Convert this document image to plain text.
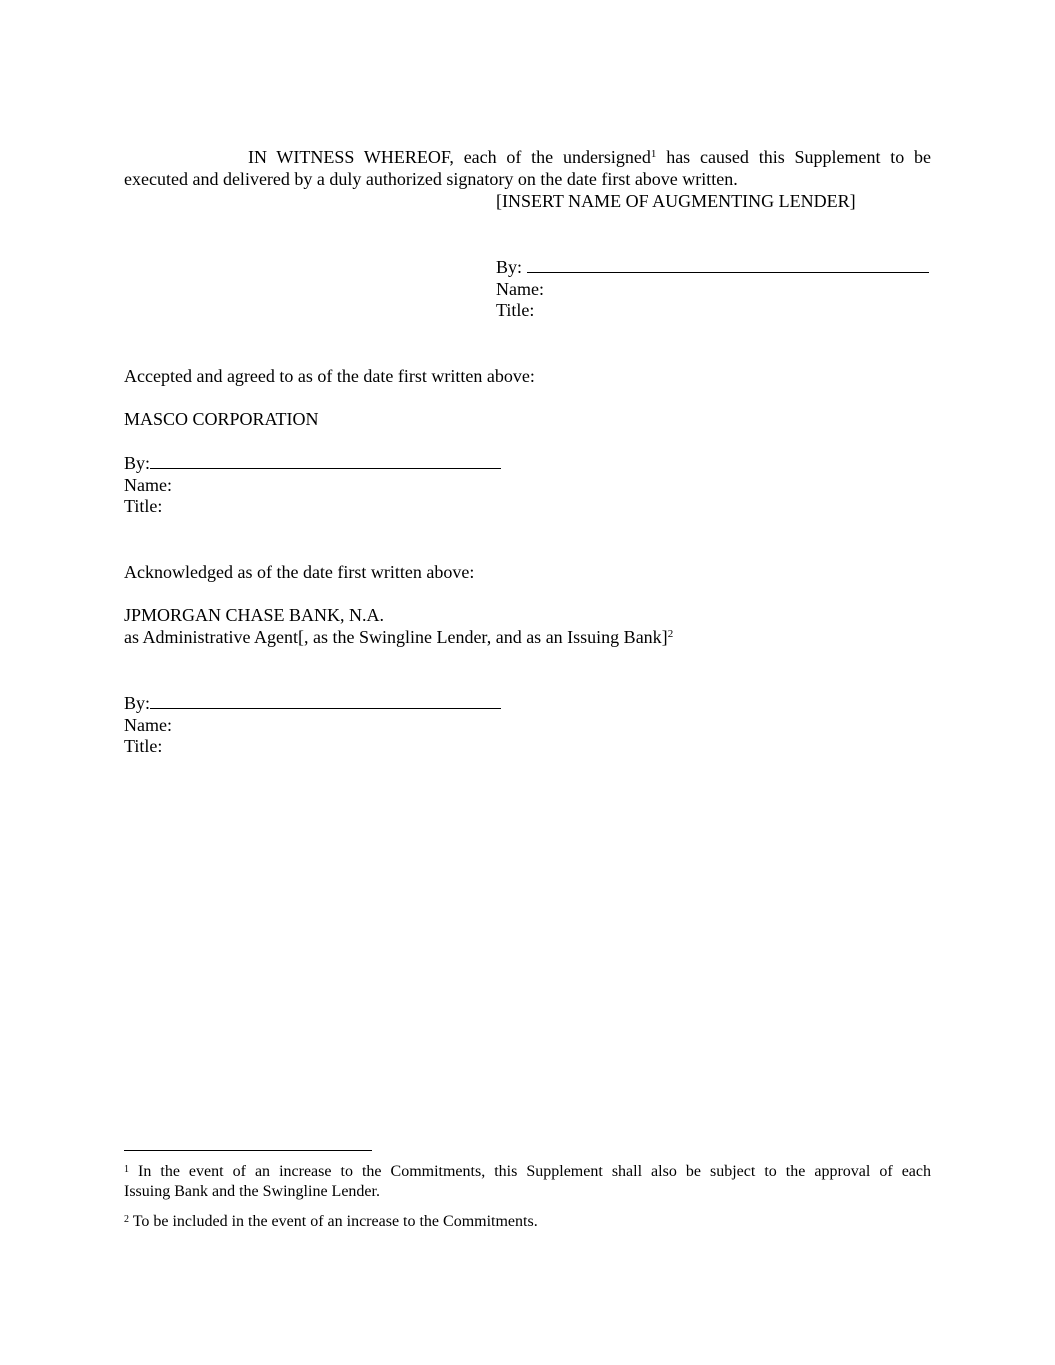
IN WITNESS WHEREOF, each of the undersigned$^1$ has caused this Supplement to be
executed and delivered by a duly authorized signatory on the date first above written.
[INSERT NAME OF AUGMENTING LENDER]
By:
Name:
Title:
Accepted and agreed to as of the date first written above:
MASCO CORPORATION
By:
Name:
Title:
Acknowledged as of the date first written above:
JPMORGAN CHASE BANK, N.A.
as Administrative Agent[, as the Swingline Lender, and as an Issuing Bank]$^2$
By:
Name:
Title:
$^1$ In the event of an increase to the Commitments, this Supplement shall also be subject to the approval of each
Issuing Bank and the Swingline Lender.
$^2$ To be included in the event of an increase to the Commitments.
